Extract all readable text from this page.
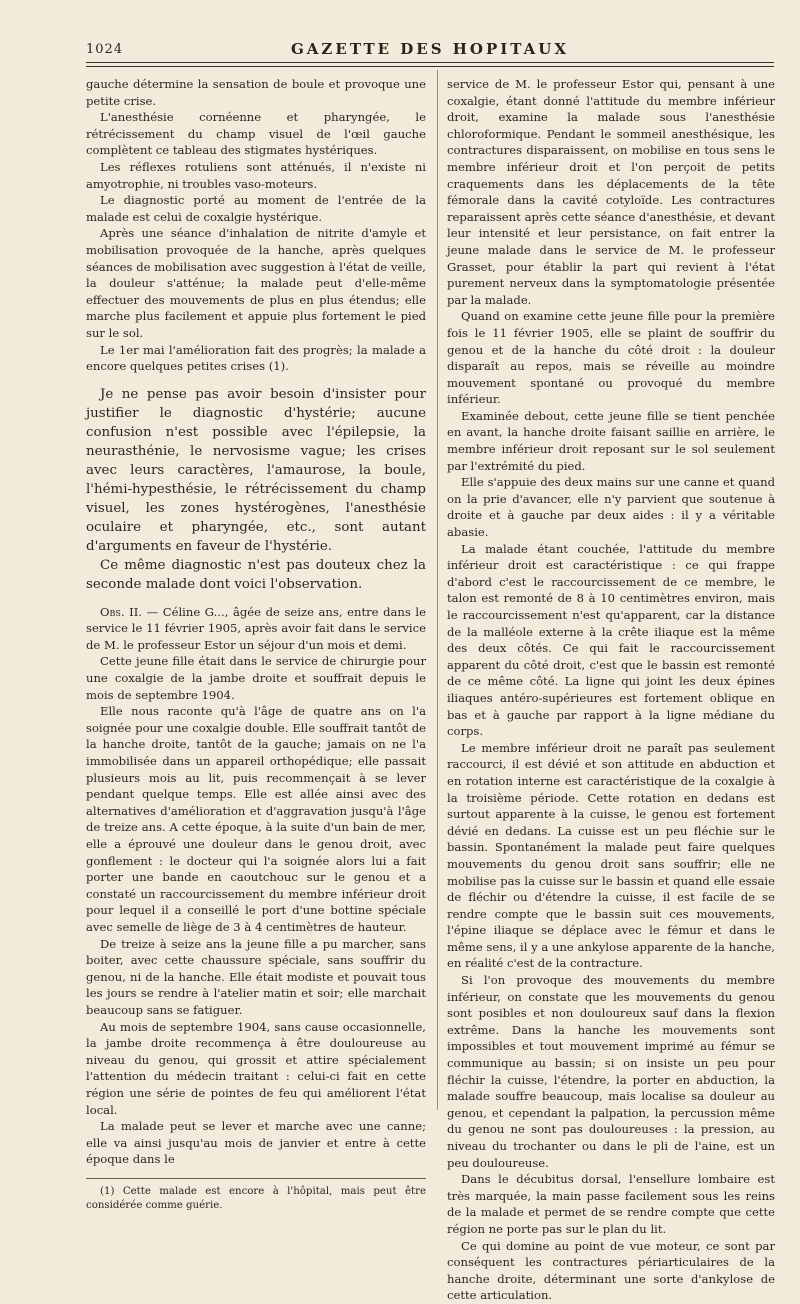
1024	GAZETTE DES HOPITAUX

gauche détermine la sensation de boule et provoque une petite crise.

L'anesthésie cornéenne et pharyngée, le rétrécissement du champ visuel de l'œil gauche complètent ce tableau des stigmates hystériques.

Les réflexes rotuliens sont atténués, il n'existe ni amyotrophie, ni troubles vaso-moteurs.

Le diagnostic porté au moment de l'entrée de la malade est celui de coxalgie hystérique.

Après une séance d'inhalation de nitrite d'amyle et mobilisation provoquée de la hanche, après quelques séances de mobilisation avec suggestion à l'état de veille, la douleur s'atténue; la malade peut d'elle-même effectuer des mouvements de plus en plus étendus; elle marche plus facilement et appuie plus fortement le pied sur le sol.

Le 1er mai l'amélioration fait des progrès; la malade a encore quelques petites crises (1).

Je ne pense pas avoir besoin d'insister pour justifier le diagnostic d'hystérie; aucune confusion n'est possible avec l'épilepsie, la neurasthénie, le nervosisme vague; les crises avec leurs caractères, l'amaurose, la boule, l'hémi-hypesthésie, le rétrécissement du champ visuel, les zones hystérogènes, l'anesthésie oculaire et pharyngée, etc., sont autant d'arguments en faveur de l'hystérie.

Ce même diagnostic n'est pas douteux chez la seconde malade dont voici l'observation.

Obs. II. — Céline G..., âgée de seize ans, entre dans le service le 11 février 1905, après avoir fait dans le service de M. le professeur Estor un séjour d'un mois et demi.

Cette jeune fille était dans le service de chirurgie pour une coxalgie de la jambe droite et souffrait depuis le mois de septembre 1904.

Elle nous raconte qu'à l'âge de quatre ans on l'a soignée pour une coxalgie double. Elle souffrait tantôt de la hanche droite, tantôt de la gauche; jamais on ne l'a immobilisée dans un appareil orthopédique; elle passait plusieurs mois au lit, puis recommençait à se lever pendant quelque temps. Elle est allée ainsi avec des alternatives d'amélioration et d'aggravation jusqu'à l'âge de treize ans. A cette époque, à la suite d'un bain de mer, elle a éprouvé une douleur dans le genou droit, avec gonflement : le docteur qui l'a soignée alors lui a fait porter une bande en caoutchouc sur le genou et a constaté un raccourcissement du membre inférieur droit pour lequel il a conseillé le port d'une bottine spéciale avec semelle de liège de 3 à 4 centimètres de hauteur.

De treize à seize ans la jeune fille a pu marcher, sans boiter, avec cette chaussure spéciale, sans souffrir du genou, ni de la hanche. Elle était modiste et pouvait tous les jours se rendre à l'atelier matin et soir; elle marchait beaucoup sans se fatiguer.

Au mois de septembre 1904, sans cause occasionnelle, la jambe droite recommença à être douloureuse au niveau du genou, qui grossit et attire spécialement l'attention du médecin traitant : celui-ci fait en cette région une série de pointes de feu qui améliorent l'état local.

La malade peut se lever et marche avec une canne; elle va ainsi jusqu'au mois de janvier et entre à cette époque dans le

(1) Cette malade est encore à l'hôpital, mais peut être considérée comme guérie.

service de M. le professeur Estor qui, pensant à une coxalgie, étant donné l'attitude du membre inférieur droit, examine la malade sous l'anesthésie chloroformique. Pendant le sommeil anesthésique, les contractures disparaissent, on mobilise en tous sens le membre inférieur droit et l'on perçoit de petits craquements dans les déplacements de la tête fémorale dans la cavité cotyloïde. Les contractures reparaissent après cette séance d'anesthésie, et devant leur intensité et leur persistance, on fait entrer la jeune malade dans le service de M. le professeur Grasset, pour établir la part qui revient à l'état purement nerveux dans la symptomatologie présentée par la malade.

Quand on examine cette jeune fille pour la première fois le 11 février 1905, elle se plaint de souffrir du genou et de la hanche du côté droit : la douleur disparaît au repos, mais se réveille au moindre mouvement spontané ou provoqué du membre inférieur.

Examinée debout, cette jeune fille se tient penchée en avant, la hanche droite faisant saillie en arrière, le membre inférieur droit reposant sur le sol seulement par l'extrémité du pied.

Elle s'appuie des deux mains sur une canne et quand on la prie d'avancer, elle n'y parvient que soutenue à droite et à gauche par deux aides : il y a véritable abasie.

La malade étant couchée, l'attitude du membre inférieur droit est caractéristique : ce qui frappe d'abord c'est le raccourcissement de ce membre, le talon est remonté de 8 à 10 centimètres environ, mais le raccourcissement n'est qu'apparent, car la distance de la malléole externe à la crête iliaque est la même des deux côtés. Ce qui fait le raccourcissement apparent du côté droit, c'est que le bassin est remonté de ce même côté. La ligne qui joint les deux épines iliaques antéro-supérieures est fortement oblique en bas et à gauche par rapport à la ligne médiane du corps.

Le membre inférieur droit ne paraît pas seulement raccourci, il est dévié et son attitude en abduction et en rotation interne est caractéristique de la coxalgie à la troisième période. Cette rotation en dedans est surtout apparente à la cuisse, le genou est fortement dévié en dedans. La cuisse est un peu fléchie sur le bassin. Spontanément la malade peut faire quelques mouvements du genou droit sans souffrir; elle ne mobilise pas la cuisse sur le bassin et quand elle essaie de fléchir ou d'étendre la cuisse, il est facile de se rendre compte que le bassin suit ces mouvements, l'épine iliaque se déplace avec le fémur et dans le même sens, il y a une ankylose apparente de la hanche, en réalité c'est de la contracture.

Si l'on provoque des mouvements du membre inférieur, on constate que les mouvements du genou sont posibles et non douloureux sauf dans la flexion extrême. Dans la hanche les mouvements sont impossibles et tout mouvement imprimé au fémur se communique au bassin; si on insiste un peu pour fléchir la cuisse, l'étendre, la porter en abduction, la malade souffre beaucoup, mais localise sa douleur au genou, et cependant la palpation, la percussion même du genou ne sont pas douloureuses : la pression, au niveau du trochanter ou dans le pli de l'aine, est un peu douloureuse.

Dans le décubitus dorsal, l'ensellure lombaire est très marquée, la main passe facilement sous les reins de la malade et permet de se rendre compte que cette région ne porte pas sur le plan du lit.

Ce qui domine au point de vue moteur, ce sont par conséquent les contractures périarticulaires de la hanche droite, déterminant une sorte d'ankylose de cette articulation.
